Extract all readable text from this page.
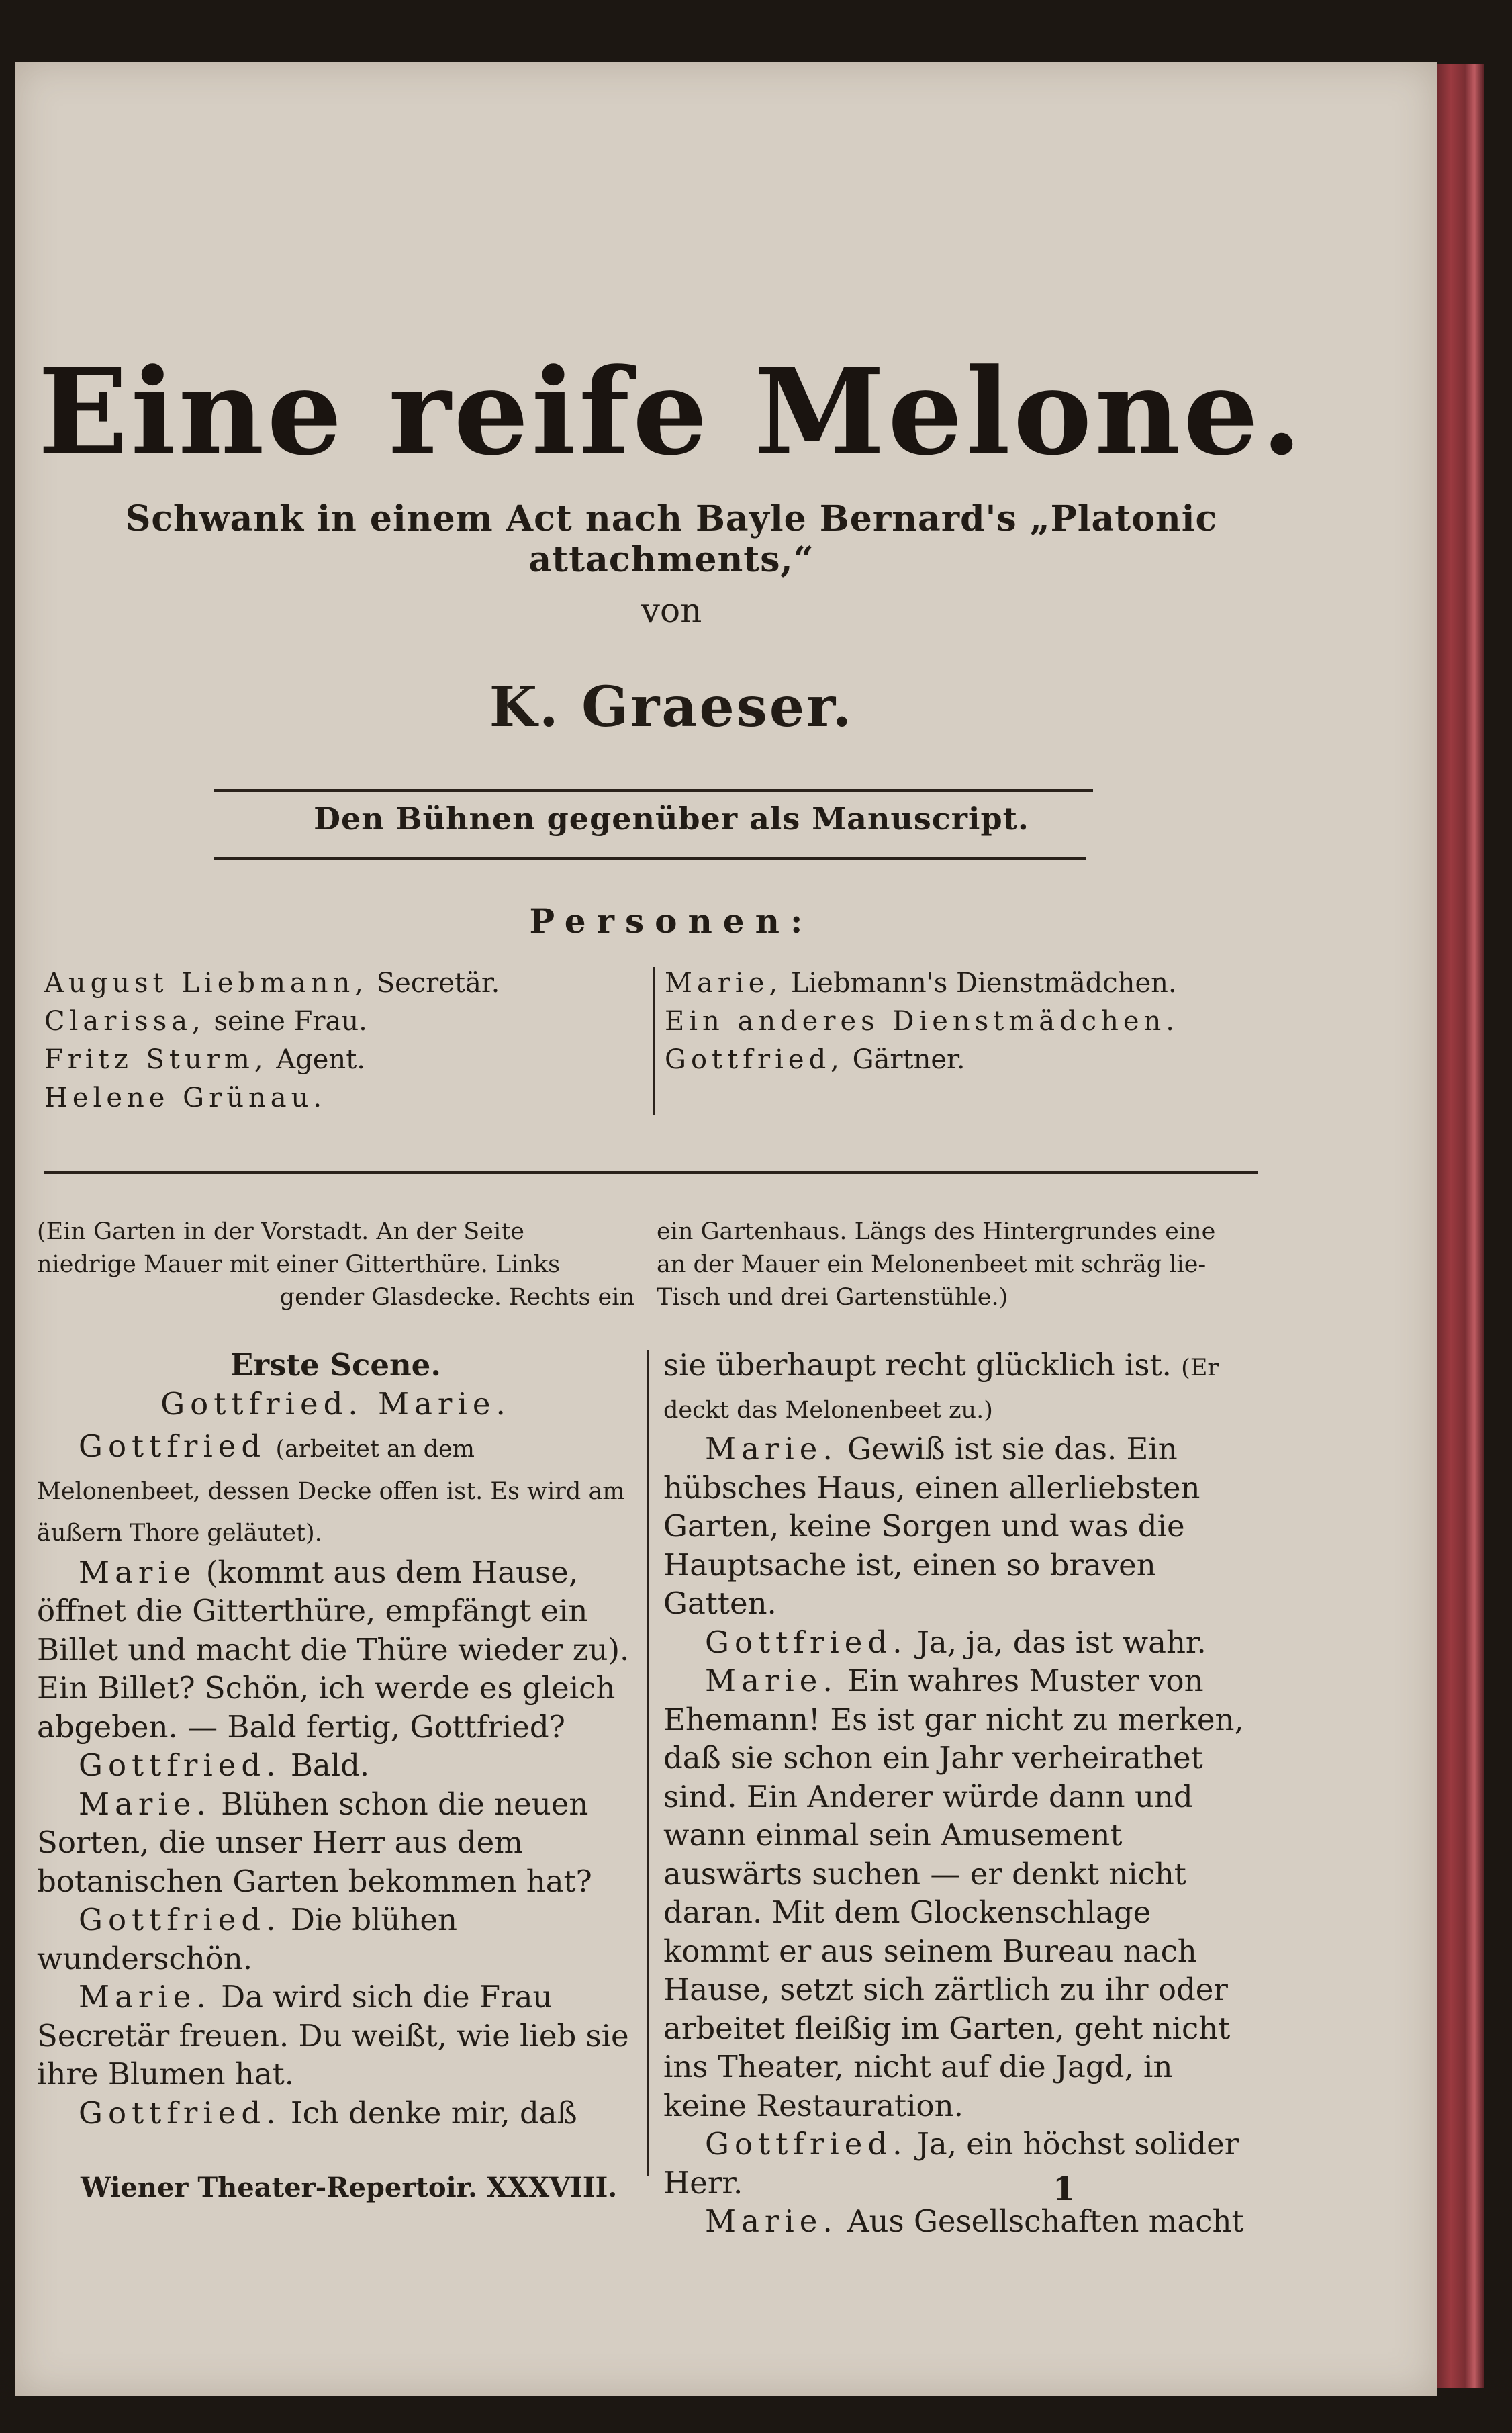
Eine reife Melone.
Schwank in einem Act nach Bayle Bernard's „Platonic attachments,“
von
K. Graeser.
Den Bühnen gegenüber als Manuscript.
Personen:
August Liebmann, Secretär.
Clarissa, seine Frau.
Fritz Sturm, Agent.
Helene Grünau.
Marie, Liebmann's Dienstmädchen.
Ein anderes Dienstmädchen.
Gottfried, Gärtner.
(Ein Garten in der Vorstadt. An der Seite
niedrige Mauer mit einer Gitterthüre. Links
gender Glasdecke. Rechts ein
ein Gartenhaus. Längs des Hintergrundes eine
an der Mauer ein Melonenbeet mit schräg lie-
Tisch und drei Gartenstühle.)

Erste Scene.

Gottfried. Marie.

Gottfried (arbeitet an dem Melonenbeet, dessen Decke offen ist. Es wird am äußern Thore geläutet).

Marie (kommt aus dem Hause, öffnet die Gitterthüre, empfängt ein Billet und macht die Thüre wieder zu). Ein Billet? Schön, ich werde es gleich abgeben. — Bald fertig, Gottfried?

Gottfried. Bald.

Marie. Blühen schon die neuen Sorten, die unser Herr aus dem botanischen Garten bekommen hat?

Gottfried. Die blühen wunderschön.

Marie. Da wird sich die Frau Secretär freuen. Du weißt, wie lieb sie ihre Blumen hat.

Gottfried. Ich denke mir, daß

sie überhaupt recht glücklich ist. (Er deckt das Melonenbeet zu.)

Marie. Gewiß ist sie das. Ein hübsches Haus, einen allerliebsten Garten, keine Sorgen und was die Hauptsache ist, einen so braven Gatten.

Gottfried. Ja, ja, das ist wahr.

Marie. Ein wahres Muster von Ehemann! Es ist gar nicht zu merken, daß sie schon ein Jahr verheirathet sind. Ein Anderer würde dann und wann einmal sein Amusement auswärts suchen — er denkt nicht daran. Mit dem Glockenschlage kommt er aus seinem Bureau nach Hause, setzt sich zärtlich zu ihr oder arbeitet fleißig im Garten, geht nicht ins Theater, nicht auf die Jagd, in keine Restauration.

Gottfried. Ja, ein höchst solider Herr.

Marie. Aus Gesellschaften macht

Wiener Theater-Repertoir. XXXVIII.	1
